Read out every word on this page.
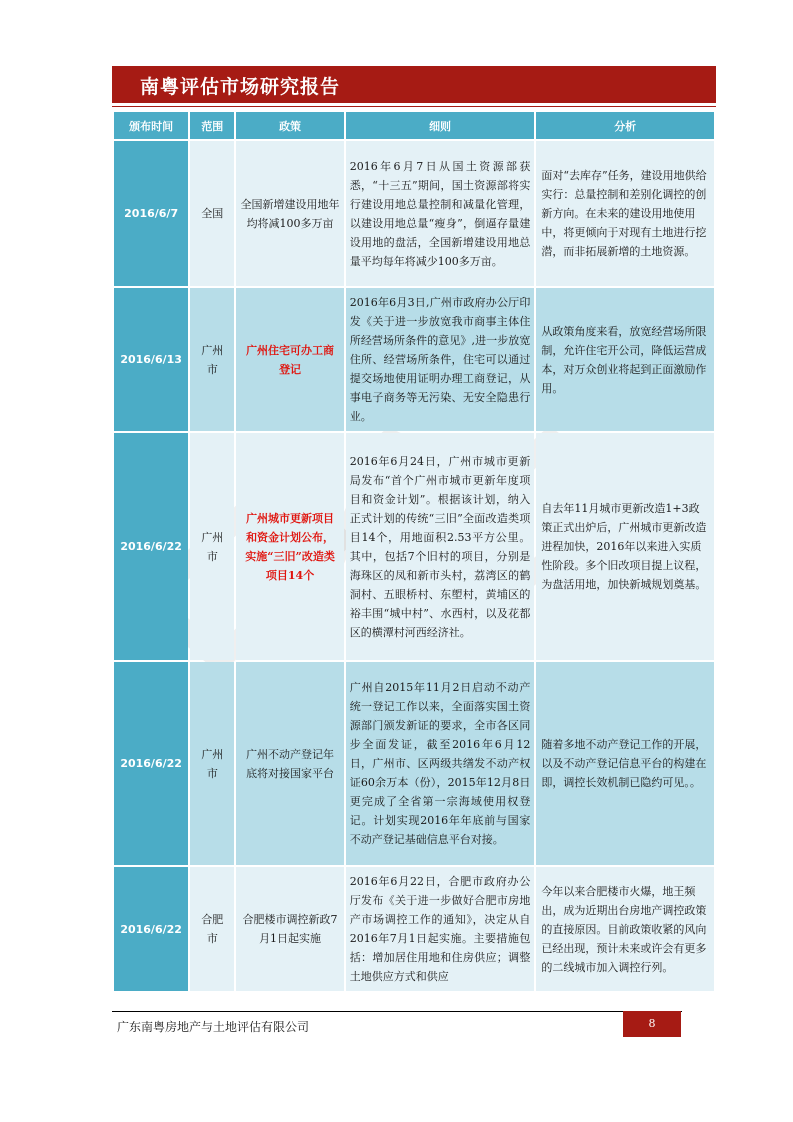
南粤评估市场研究报告
颁布时间	范围	政策	细则	分析
2016/6/7	全国	全国新增建设用地年均将减100多万亩	2016年6月7日从国土资源部获悉，“十三五”期间，国土资源部将实行建设用地总量控制和减量化管理，以建设用地总量“瘦身”，倒逼存量建设用地的盘活，全国新增建设用地总量平均每年将减少100多万亩。	面对“去库存”任务，建设用地供给实行：总量控制和差别化调控的创新方向。在未来的建设用地使用中，将更倾向于对现有土地进行挖潜，而非拓展新增的土地资源。
2016/6/13	广州市	广州住宅可办工商登记	2016年6月3日,广州市政府办公厅印发《关于进一步放宽我市商事主体住所经营场所条件的意见》,进一步放宽住所、经营场所条件，住宅可以通过提交场地使用证明办理工商登记，从事电子商务等无污染、无安全隐患行业。	从政策角度来看，放宽经营场所限制，允许住宅开公司，降低运营成本，对万众创业将起到正面激励作用。
2016/6/22	广州市	广州城市更新项目和资金计划公布，实施“三旧”改造类项目14个	2016年6月24日，广州市城市更新局发布“首个广州市城市更新年度项目和资金计划”。根据该计划，纳入正式计划的传统“三旧”全面改造类项目14个，用地面积2.53平方公里。其中，包括7个旧村的项目，分别是海珠区的凤和新市头村，荔湾区的鹤洞村、五眼桥村、东塱村，黄埔区的裕丰围“城中村”、水西村，以及花都区的横潭村河西经济社。	自去年11月城市更新改造1+3政策正式出炉后，广州城市更新改造进程加快，2016年以来进入实质性阶段。多个旧改项目提上议程，为盘活用地，加快新城规划奠基。
2016/6/22	广州市	广州不动产登记年底将对接国家平台	广州自2015年11月2日启动不动产统一登记工作以来，全面落实国土资源部门颁发新证的要求，全市各区同步全面发证，截至2016年6月12日，广州市、区两级共缮发不动产权证60余万本（份），2015年12月8日更完成了全省第一宗海域使用权登记。计划实现2016年年底前与国家不动产登记基础信息平台对接。	随着多地不动产登记工作的开展，以及不动产登记信息平台的构建在即，调控长效机制已隐约可见。。
2016/6/22	合肥市	合肥楼市调控新政7月1日起实施	2016年6月22日，合肥市政府办公厅发布《关于进一步做好合肥市房地产市场调控工作的通知》，决定从自2016年7月1日起实施。主要措施包括：增加居住用地和住房供应；调整土地供应方式和供应	今年以来合肥楼市火爆，地王频出，成为近期出台房地产调控政策的直接原因。目前政策收紧的风向已经出现，预计未来或许会有更多的二线城市加入调控行列。
广东南粤房地产与土地评估有限公司	8
